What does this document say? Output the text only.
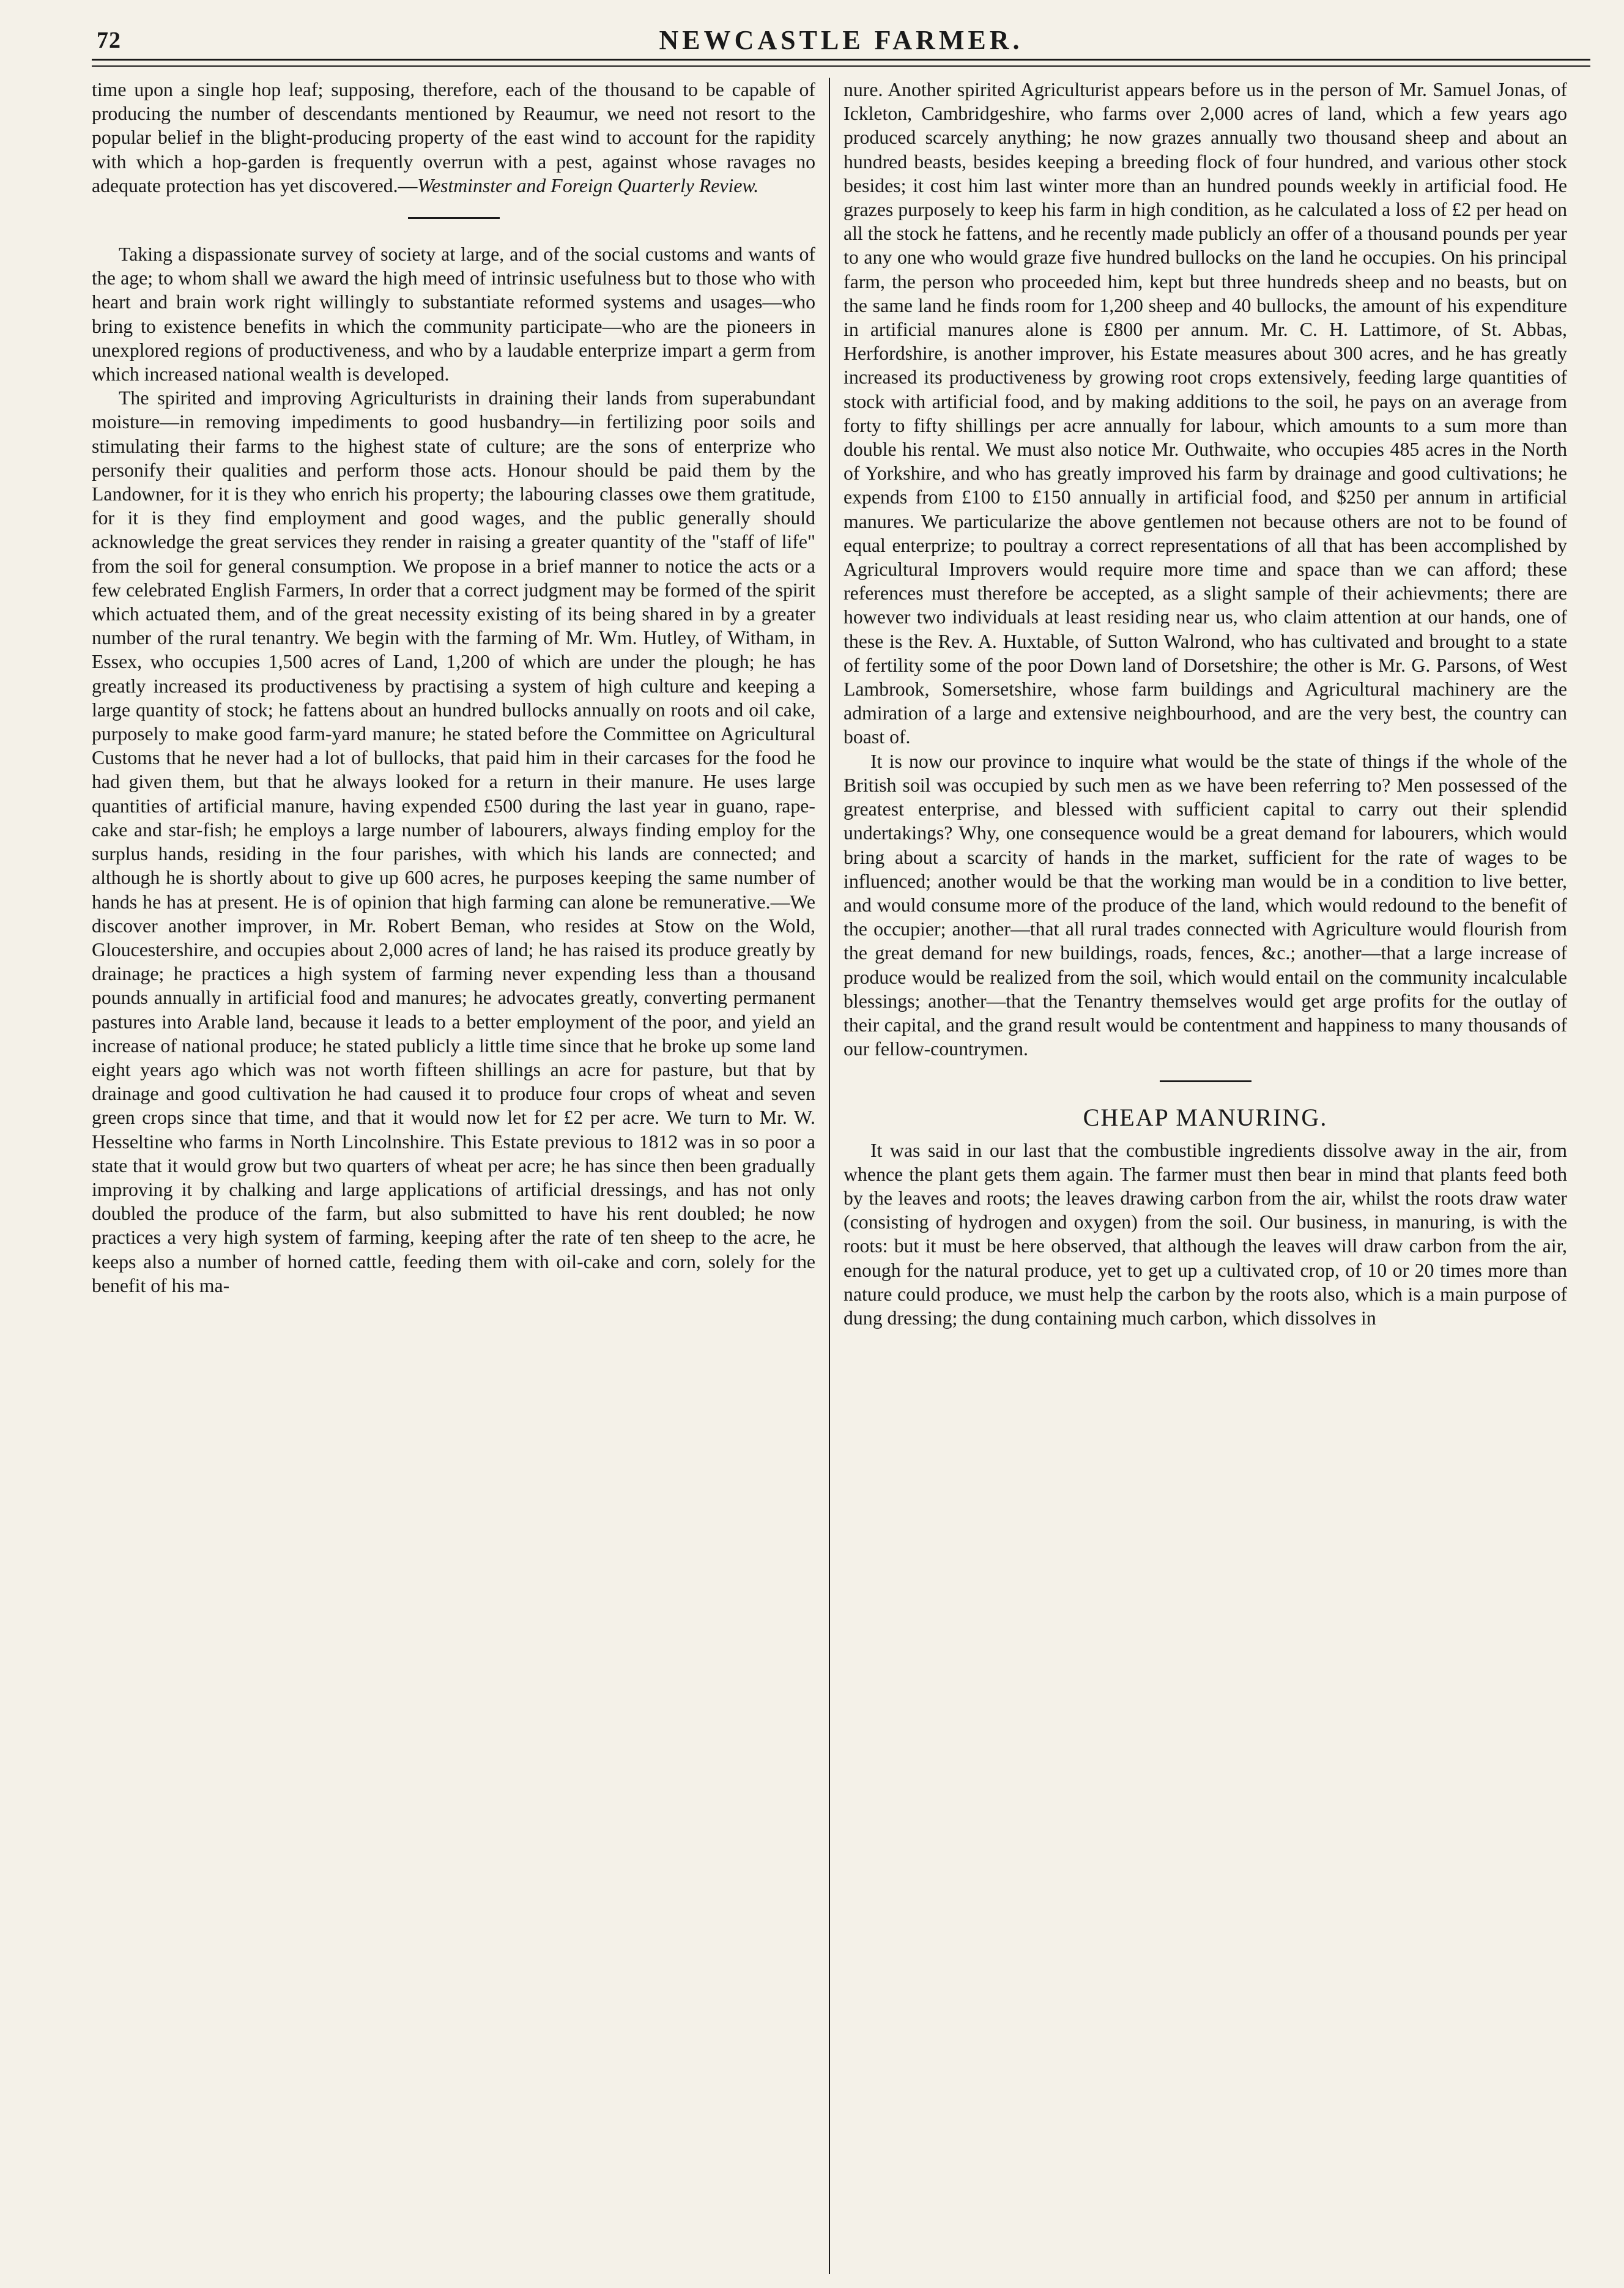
72	NEWCASTLE FARMER.

time upon a single hop leaf; supposing, therefore, each of the thousand to be capable of producing the number of descendants mentioned by Reaumur, we need not resort to the popular belief in the blight-producing property of the east wind to account for the rapidity with which a hop-garden is frequently overrun with a pest, against whose ravages no adequate protection has yet discovered.—Westminster and Foreign Quarterly Review.

Taking a dispassionate survey of society at large, and of the social customs and wants of the age; to whom shall we award the high meed of intrinsic usefulness but to those who with heart and brain work right willingly to substantiate reformed systems and usages—who bring to existence benefits in which the community participate—who are the pioneers in unexplored regions of productiveness, and who by a laudable enterprize impart a germ from which increased national wealth is developed.

The spirited and improving Agriculturists in draining their lands from superabundant moisture—in removing impediments to good husbandry—in fertilizing poor soils and stimulating their farms to the highest state of culture; are the sons of enterprize who personify their qualities and perform those acts. Honour should be paid them by the Landowner, for it is they who enrich his property; the labouring classes owe them gratitude, for it is they find employment and good wages, and the public generally should acknowledge the great services they render in raising a greater quantity of the "staff of life" from the soil for general consumption. We propose in a brief manner to notice the acts or a few celebrated English Farmers, In order that a correct judgment may be formed of the spirit which actuated them, and of the great necessity existing of its being shared in by a greater number of the rural tenantry. We begin with the farming of Mr. Wm. Hutley, of Witham, in Essex, who occupies 1,500 acres of Land, 1,200 of which are under the plough; he has greatly increased its productiveness by practising a system of high culture and keeping a large quantity of stock; he fattens about an hundred bullocks annually on roots and oil cake, purposely to make good farm-yard manure; he stated before the Committee on Agricultural Customs that he never had a lot of bullocks, that paid him in their carcases for the food he had given them, but that he always looked for a return in their manure. He uses large quantities of artificial manure, having expended £500 during the last year in guano, rape-cake and star-fish; he employs a large number of labourers, always finding employ for the surplus hands, residing in the four parishes, with which his lands are connected; and although he is shortly about to give up 600 acres, he purposes keeping the same number of hands he has at present. He is of opinion that high farming can alone be remunerative.—We discover another improver, in Mr. Robert Beman, who resides at Stow on the Wold, Gloucestershire, and occupies about 2,000 acres of land; he has raised its produce greatly by drainage; he practices a high system of farming never expending less than a thousand pounds annually in artificial food and manures; he advocates greatly, converting permanent pastures into Arable land, because it leads to a better employment of the poor, and yield an increase of national produce; he stated publicly a little time since that he broke up some land eight years ago which was not worth fifteen shillings an acre for pasture, but that by drainage and good cultivation he had caused it to produce four crops of wheat and seven green crops since that time, and that it would now let for £2 per acre. We turn to Mr. W. Hesseltine who farms in North Lincolnshire. This Estate previous to 1812 was in so poor a state that it would grow but two quarters of wheat per acre; he has since then been gradually improving it by chalking and large applications of artificial dressings, and has not only doubled the produce of the farm, but also submitted to have his rent doubled; he now practices a very high system of farming, keeping after the rate of ten sheep to the acre, he keeps also a number of horned cattle, feeding them with oil-cake and corn, solely for the benefit of his ma-

nure. Another spirited Agriculturist appears before us in the person of Mr. Samuel Jonas, of Ickleton, Cambridgeshire, who farms over 2,000 acres of land, which a few years ago produced scarcely anything; he now grazes annually two thousand sheep and about an hundred beasts, besides keeping a breeding flock of four hundred, and various other stock besides; it cost him last winter more than an hundred pounds weekly in artificial food. He grazes purposely to keep his farm in high condition, as he calculated a loss of £2 per head on all the stock he fattens, and he recently made publicly an offer of a thousand pounds per year to any one who would graze five hundred bullocks on the land he occupies. On his principal farm, the person who proceeded him, kept but three hundreds sheep and no beasts, but on the same land he finds room for 1,200 sheep and 40 bullocks, the amount of his expenditure in artificial manures alone is £800 per annum. Mr. C. H. Lattimore, of St. Abbas, Herfordshire, is another improver, his Estate measures about 300 acres, and he has greatly increased its productiveness by growing root crops extensively, feeding large quantities of stock with artificial food, and by making additions to the soil, he pays on an average from forty to fifty shillings per acre annually for labour, which amounts to a sum more than double his rental. We must also notice Mr. Outhwaite, who occupies 485 acres in the North of Yorkshire, and who has greatly improved his farm by drainage and good cultivations; he expends from £100 to £150 annually in artificial food, and $250 per annum in artificial manures. We particularize the above gentlemen not because others are not to be found of equal enterprize; to poultray a correct representations of all that has been accomplished by Agricultural Improvers would require more time and space than we can afford; these references must therefore be accepted, as a slight sample of their achievments; there are however two individuals at least residing near us, who claim attention at our hands, one of these is the Rev. A. Huxtable, of Sutton Walrond, who has cultivated and brought to a state of fertility some of the poor Down land of Dorsetshire; the other is Mr. G. Parsons, of West Lambrook, Somersetshire, whose farm buildings and Agricultural machinery are the admiration of a large and extensive neighbourhood, and are the very best, the country can boast of.

It is now our province to inquire what would be the state of things if the whole of the British soil was occupied by such men as we have been referring to? Men possessed of the greatest enterprise, and blessed with sufficient capital to carry out their splendid undertakings? Why, one consequence would be a great demand for labourers, which would bring about a scarcity of hands in the market, sufficient for the rate of wages to be influenced; another would be that the working man would be in a condition to live better, and would consume more of the produce of the land, which would redound to the benefit of the occupier; another—that all rural trades connected with Agriculture would flourish from the great demand for new buildings, roads, fences, &c.; another—that a large increase of produce would be realized from the soil, which would entail on the community incalculable blessings; another—that the Tenantry themselves would get arge profits for the outlay of their capital, and the grand result would be contentment and happiness to many thousands of our fellow-countrymen.

CHEAP MANURING.

It was said in our last that the combustible ingredients dissolve away in the air, from whence the plant gets them again. The farmer must then bear in mind that plants feed both by the leaves and roots; the leaves drawing carbon from the air, whilst the roots draw water (consisting of hydrogen and oxygen) from the soil. Our business, in manuring, is with the roots: but it must be here observed, that although the leaves will draw carbon from the air, enough for the natural produce, yet to get up a cultivated crop, of 10 or 20 times more than nature could produce, we must help the carbon by the roots also, which is a main purpose of dung dressing; the dung containing much carbon, which dissolves in
